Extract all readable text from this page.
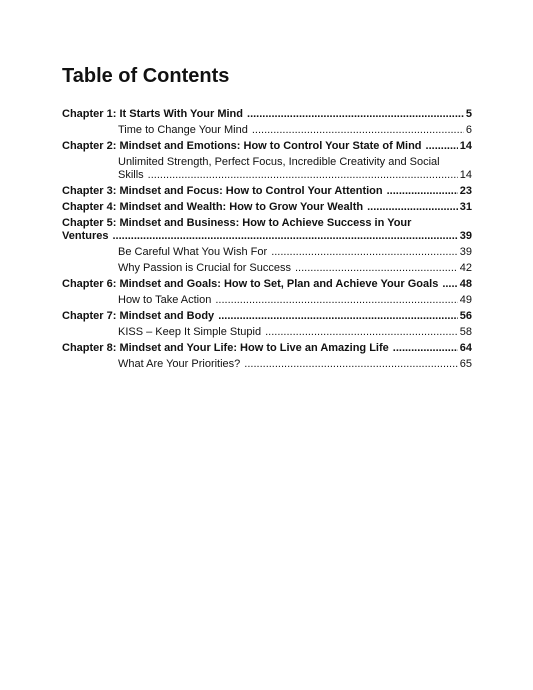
Table of Contents
Chapter 1: It Starts With Your Mind	5
.....
Time to Change Your Mind	6
.....
Chapter 2: Mindset and Emotions: How to Control Your State of Mind	14
.....
Unlimited Strength, Perfect Focus, Incredible Creativity and Social Skills	14
.....
Chapter 3: Mindset and Focus: How to Control Your Attention	23
.....
Chapter 4: Mindset and Wealth: How to Grow Your Wealth	31
.....
Chapter 5: Mindset and Business: How to Achieve Success in Your Ventures	39
.....
Be Careful What You Wish For	39
.....
Why Passion is Crucial for Success	42
.....
Chapter 6: Mindset and Goals: How to Set, Plan and Achieve Your Goals 48
.....
How to Take Action	49
.....
Chapter 7: Mindset and Body	56
.....
KISS – Keep It Simple Stupid	58
.....
Chapter 8: Mindset and Your Life: How to Live an Amazing Life	64
.....
What Are Your Priorities?	65
.....
